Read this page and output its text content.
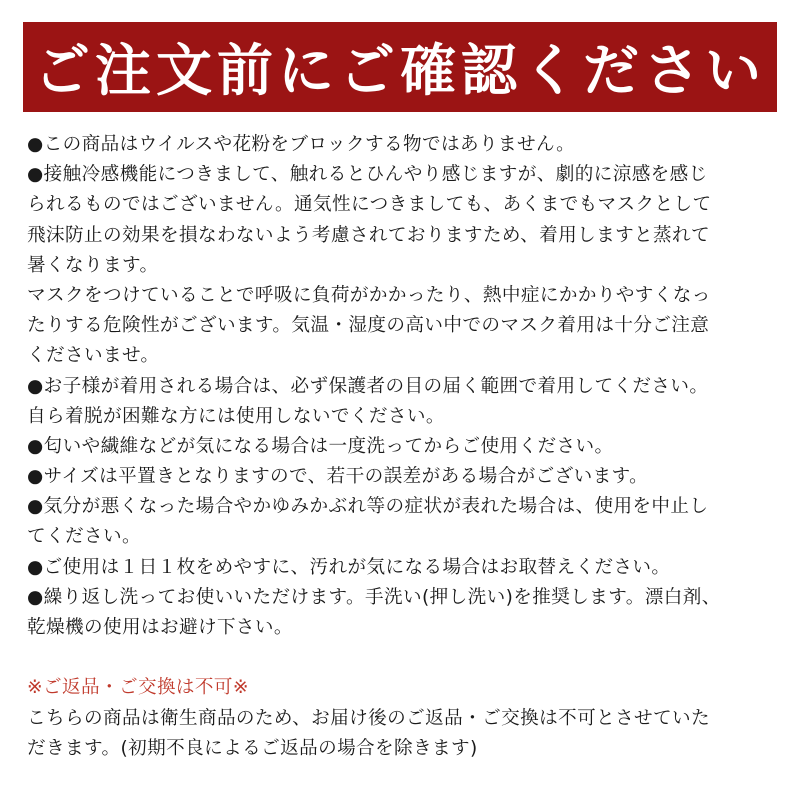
ご注文前にご確認ください
●この商品はウイルスや花粉をブロックする物ではありません。
●接触冷感機能につきまして、触れるとひんやり感じますが、劇的に涼感を感じ
られるものではございません。通気性につきましても、あくまでもマスクとして
飛沫防止の効果を損なわないよう考慮されておりますため、着用しますと蒸れて
暑くなります。
マスクをつけていることで呼吸に負荷がかかったり、熱中症にかかりやすくなっ
たりする危険性がございます。気温・湿度の高い中でのマスク着用は十分ご注意
くださいませ。
●お子様が着用される場合は、必ず保護者の目の届く範囲で着用してください。
自ら着脱が困難な方には使用しないでください。
●匂いや繊維などが気になる場合は一度洗ってからご使用ください。
●サイズは平置きとなりますので、若干の誤差がある場合がございます。
●気分が悪くなった場合やかゆみかぶれ等の症状が表れた場合は、使用を中止し
てください。
●ご使用は１日１枚をめやすに、汚れが気になる場合はお取替えください。
●繰り返し洗ってお使いいただけます。手洗い(押し洗い)を推奨します。漂白剤、
乾燥機の使用はお避け下さい。
※ご返品・ご交換は不可※
こちらの商品は衛生商品のため、お届け後のご返品・ご交換は不可とさせていた
だきます。(初期不良によるご返品の場合を除きます)
